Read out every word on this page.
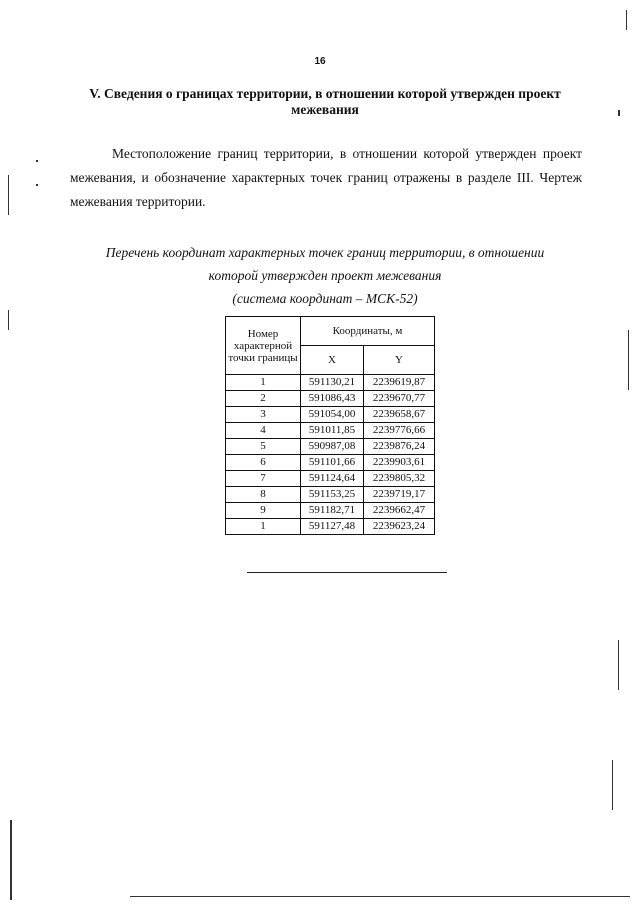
16
V. Сведения о границах территории, в отношении которой утвержден проект межевания
Местоположение границ территории, в отношении которой утвержден проект межевания, и обозначение характерных точек границ отражены в разделе III. Чертеж межевания территории.
Перечень координат характерных точек границ территории, в отношении
которой утвержден проект межевания
(система координат – МСК-52)
Номер характерной точки границы	Координаты, м	
	X	Y
1	591130,21	2239619,87
2	591086,43	2239670,77
3	591054,00	2239658,67
4	591011,85	2239776,66
5	590987,08	2239876,24
6	591101,66	2239903,61
7	591124,64	2239805,32
8	591153,25	2239719,17
9	591182,71	2239662,47
1	591127,48	2239623,24
